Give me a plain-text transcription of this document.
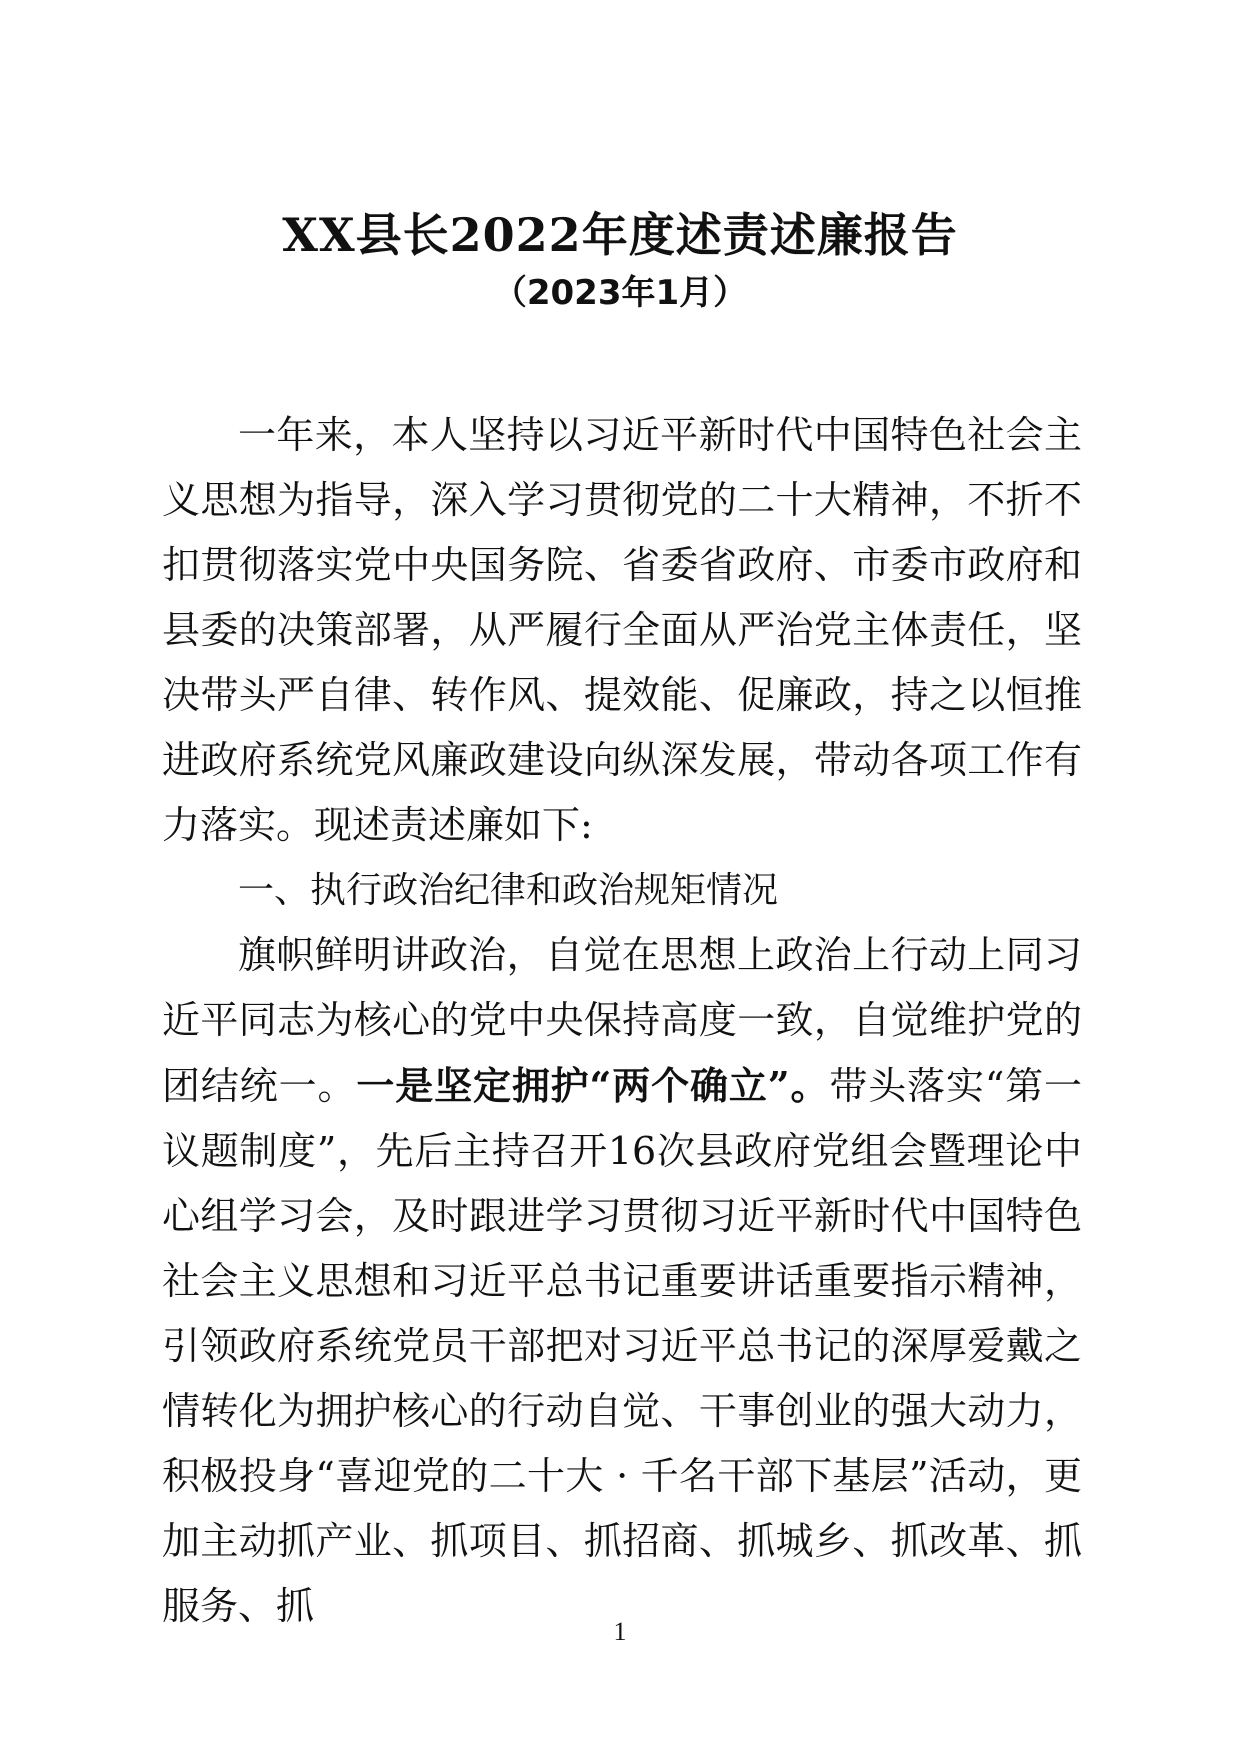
XX县长2022年度述责述廉报告
（2023年1月）

一年来，本人坚持以习近平新时代中国特色社会主义思想为指导，深入学习贯彻党的二十大精神，不折不扣贯彻落实党中央国务院、省委省政府、市委市政府和县委的决策部署，从严履行全面从严治党主体责任，坚决带头严自律、转作风、提效能、促廉政，持之以恒推进政府系统党风廉政建设向纵深发展，带动各项工作有力落实。现述责述廉如下:

一、执行政治纪律和政治规矩情况

旗帜鲜明讲政治，自觉在思想上政治上行动上同习近平同志为核心的党中央保持高度一致，自觉维护党的团结统一。一是坚定拥护“两个确立”。带头落实“第一议题制度”，先后主持召开16次县政府党组会暨理论中心组学习会，及时跟进学习贯彻习近平新时代中国特色社会主义思想和习近平总书记重要讲话重要指示精神，引领政府系统党员干部把对习近平总书记的深厚爱戴之情转化为拥护核心的行动自觉、干事创业的强大动力，积极投身“喜迎党的二十大 · 千名干部下基层”活动，更加主动抓产业、抓项目、抓招商、抓城乡、抓改革、抓服务、抓

1
